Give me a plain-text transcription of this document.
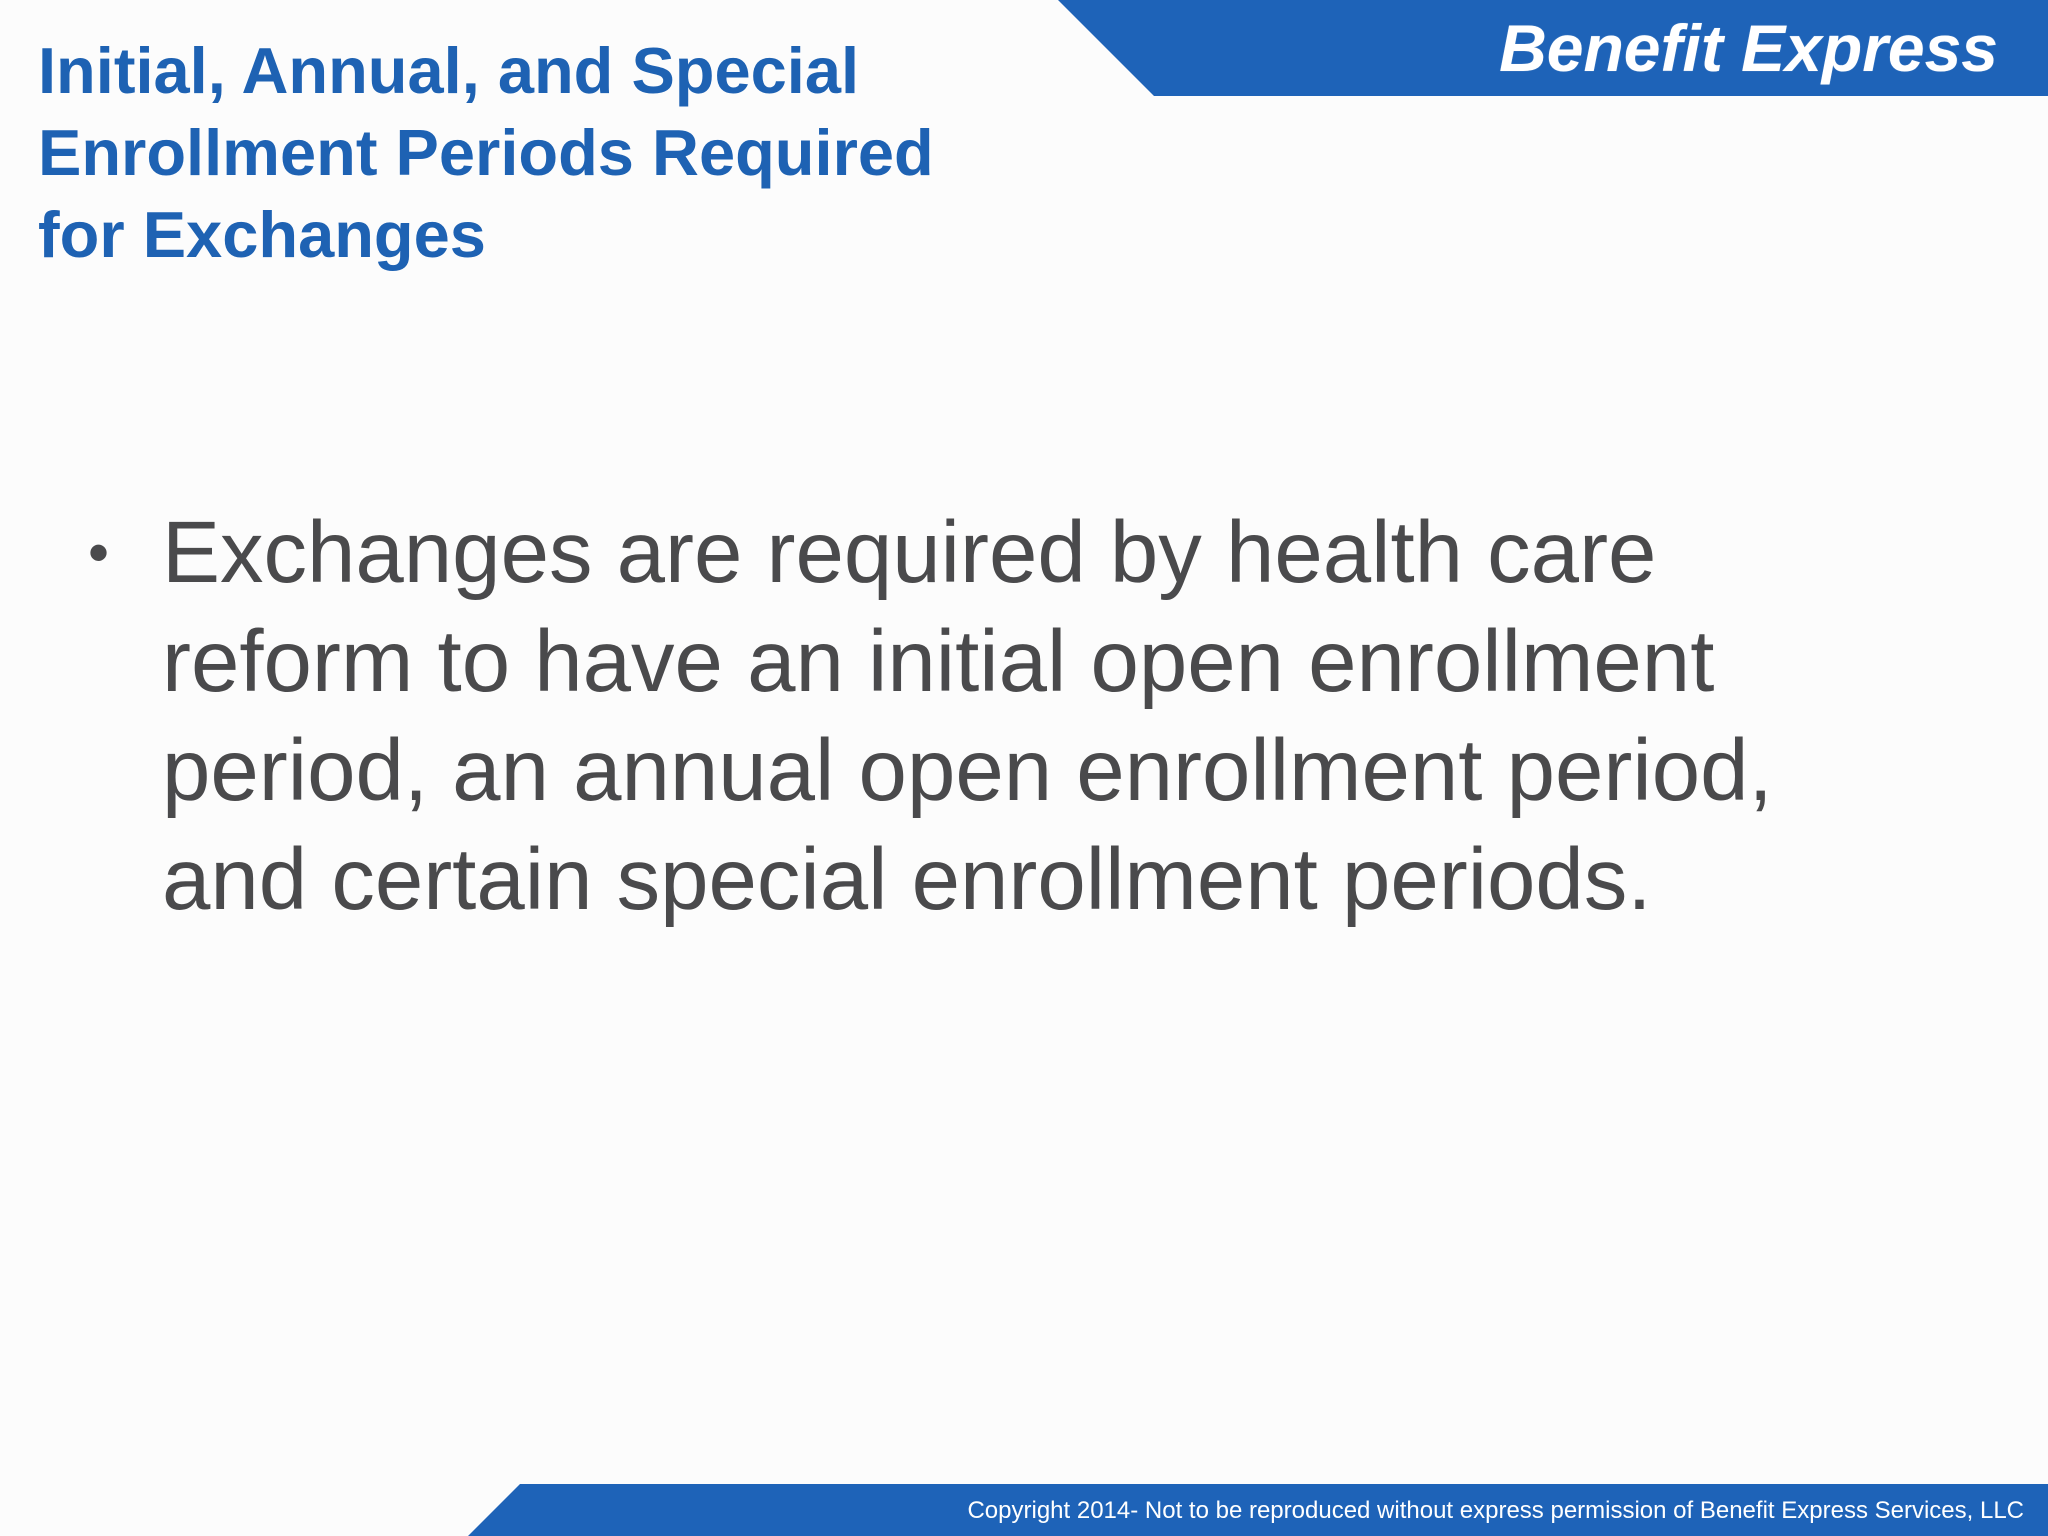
Benefit Express
Initial, Annual, and Special
Enrollment Periods Required
for Exchanges
• Exchanges are required by health care
reform to have an initial open enrollment
period, an annual open enrollment period,
and certain special enrollment periods.
Copyright 2014- Not to be reproduced without express permission of Benefit Express Services, LLC
